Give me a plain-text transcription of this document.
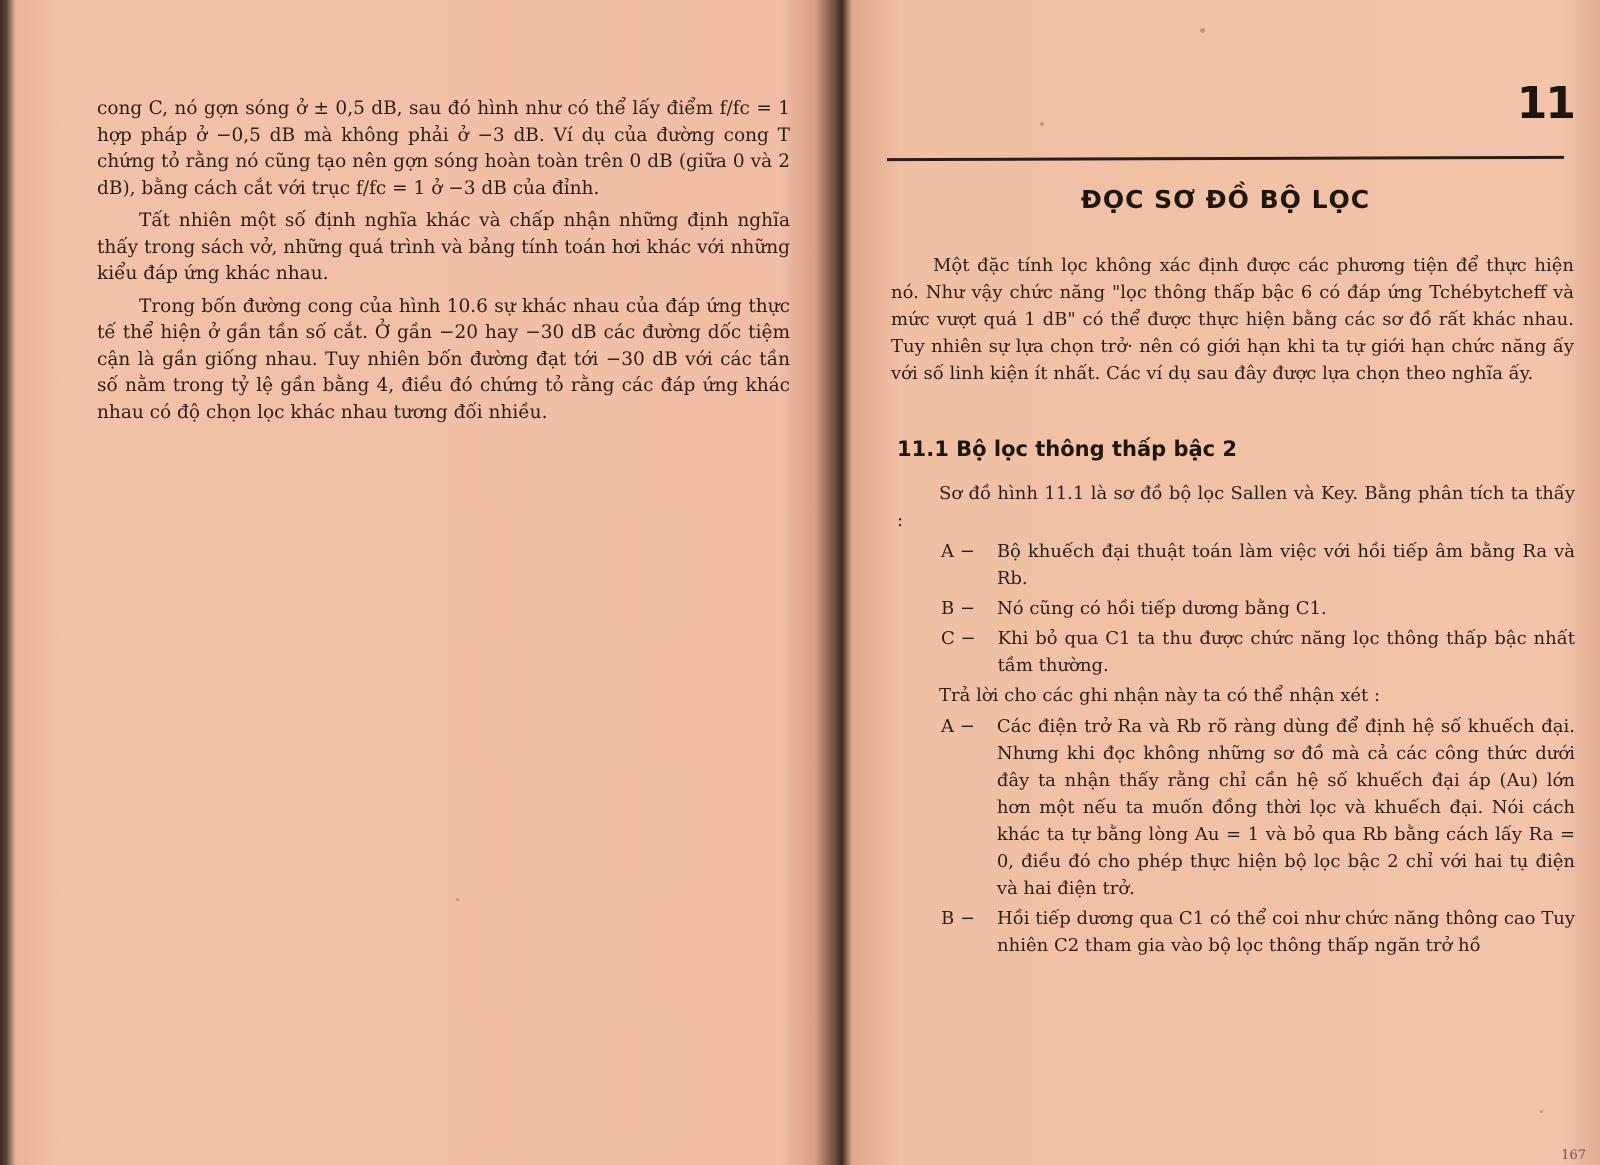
cong C, nó gợn sóng ở ± 0,5 dB, sau đó hình như có thể lấy điểm f/fc = 1 hợp pháp ở −0,5 dB mà không phải ở −3 dB. Ví dụ của đường cong T chứng tỏ rằng nó cũng tạo nên gợn sóng hoàn toàn trên 0 dB (giữa 0 và 2 dB), bằng cách cắt với trục f/fc = 1 ở −3 dB của đỉnh.

Tất nhiên một số định nghĩa khác và chấp nhận những định nghĩa thấy trong sách vở, những quá trình và bảng tính toán hơi khác với những kiểu đáp ứng khác nhau.

Trong bốn đường cong của hình 10.6 sự khác nhau của đáp ứng thực tế thể hiện ở gần tần số cắt. Ở gần −20 hay −30 dB các đường dốc tiệm cận là gần giống nhau. Tuy nhiên bốn đường đạt tới −30 dB với các tần số nằm trong tỷ lệ gần bằng 4, điều đó chứng tỏ rằng các đáp ứng khác nhau có độ chọn lọc khác nhau tương đối nhiều.

11
ĐỌC SƠ ĐỒ BỘ LỌC

Một đặc tính lọc không xác định được các phương tiện để thực hiện nó. Như vậy chức năng "lọc thông thấp bậc 6 có đáp ứng Tchébytcheff và mức vượt quá 1 dB" có thể được thực hiện bằng các sơ đồ rất khác nhau. Tuy nhiên sự lựa chọn trở· nên có giới hạn khi ta tự giới hạn chức năng ấy với số linh kiện ít nhất. Các ví dụ sau đây được lựa chọn theo nghĩa ấy.

11.1 Bộ lọc thông thấp bậc 2

Sơ đồ hình 11.1 là sơ đồ bộ lọc Sallen và Key. Bằng phân tích ta thấy :

A −	Bộ khuếch đại thuật toán làm việc với hồi tiếp âm bằng Ra và Rb.
B −	Nó cũng có hồi tiếp dương bằng C1.
C −	Khi bỏ qua C1 ta thu được chức năng lọc thông thấp bậc nhất tầm thường.

Trả lời cho các ghi nhận này ta có thể nhận xét :

A −	Các điện trở Ra và Rb rõ ràng dùng để định hệ số khuếch đại. Nhưng khi đọc không những sơ đồ mà cả các công thức dưới đây ta nhận thấy rằng chỉ cần hệ số khuếch đại áp (Au) lớn hơn một nếu ta muốn đồng thời lọc và khuếch đại. Nói cách khác ta tự bằng lòng Au = 1 và bỏ qua Rb bằng cách lấy Ra = 0, điều đó cho phép thực hiện bộ lọc bậc 2 chỉ với hai tụ điện và hai điện trở.
B −	Hồi tiếp dương qua C1 có thể coi như chức năng thông cao Tuy nhiên C2 tham gia vào bộ lọc thông thấp ngăn trở hồ
167
